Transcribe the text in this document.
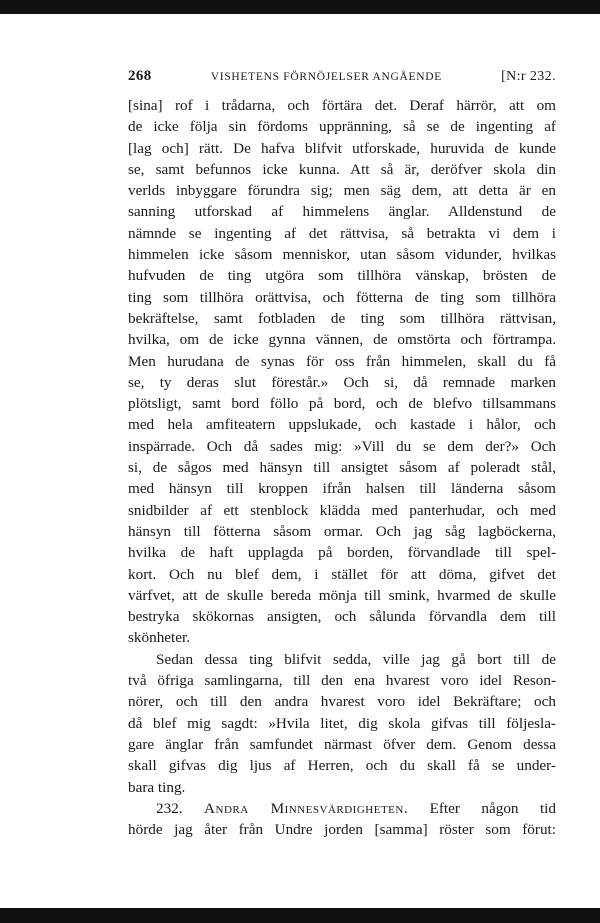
268	VISHETENS FÖRNÖJELSER ANGÅENDE	[N:r 232.
[sina] rof i trådarna, och förtära det. Deraf härrör, att om
de icke följa sin fördoms uppränning, så se de ingenting af
[lag och] rätt. De hafva blifvit utforskade, huruvida de kunde
se, samt befunnos icke kunna. Att så är, deröfver skola din
verlds inbyggare förundra sig; men säg dem, att detta är en
sanning utforskad af himmelens änglar. Alldenstund de
nämnde se ingenting af det rättvisa, så betrakta vi dem i
himmelen icke såsom menniskor, utan såsom vidunder, hvilkas
hufvuden de ting utgöra som tillhöra vänskap, brösten de
ting som tillhöra orättvisa, och fötterna de ting som tillhöra
bekräftelse, samt fotbladen de ting som tillhöra rättvisan,
hvilka, om de icke gynna vännen, de omstörta och förtrampa.
Men hurudana de synas för oss från himmelen, skall du få
se, ty deras slut förestår.» Och si, då remnade marken
plötsligt, samt bord föllo på bord, och de blefvo tillsammans
med hela amfiteatern uppslukade, och kastade i hålor, och
inspärrade. Och då sades mig: »Vill du se dem der?» Och
si, de sågos med hänsyn till ansigtet såsom af poleradt stål,
med hänsyn till kroppen ifrån halsen till länderna såsom
snidbilder af ett stenblock klädda med panterhudar, och med
hänsyn till fötterna såsom ormar. Och jag såg lagböckerna,
hvilka de haft upplagda på borden, förvandlade till spel-
kort. Och nu blef dem, i stället för att döma, gifvet det
värfvet, att de skulle bereda mönja till smink, hvarmed de skulle
bestryka skökornas ansigten, och sålunda förvandla dem till
skönheter.
Sedan dessa ting blifvit sedda, ville jag gå bort till de
två öfriga samlingarna, till den ena hvarest voro idel Reson-
nörer, och till den andra hvarest voro idel Bekräftare; och
då blef mig sagdt: »Hvila litet, dig skola gifvas till följesla-
gare änglar från samfundet närmast öfver dem. Genom dessa
skall gifvas dig ljus af Herren, och du skall få se under-
bara ting.
232. Andra Minnesvärdigheten. Efter någon tid
hörde jag åter från Undre jorden [samma] röster som förut:
